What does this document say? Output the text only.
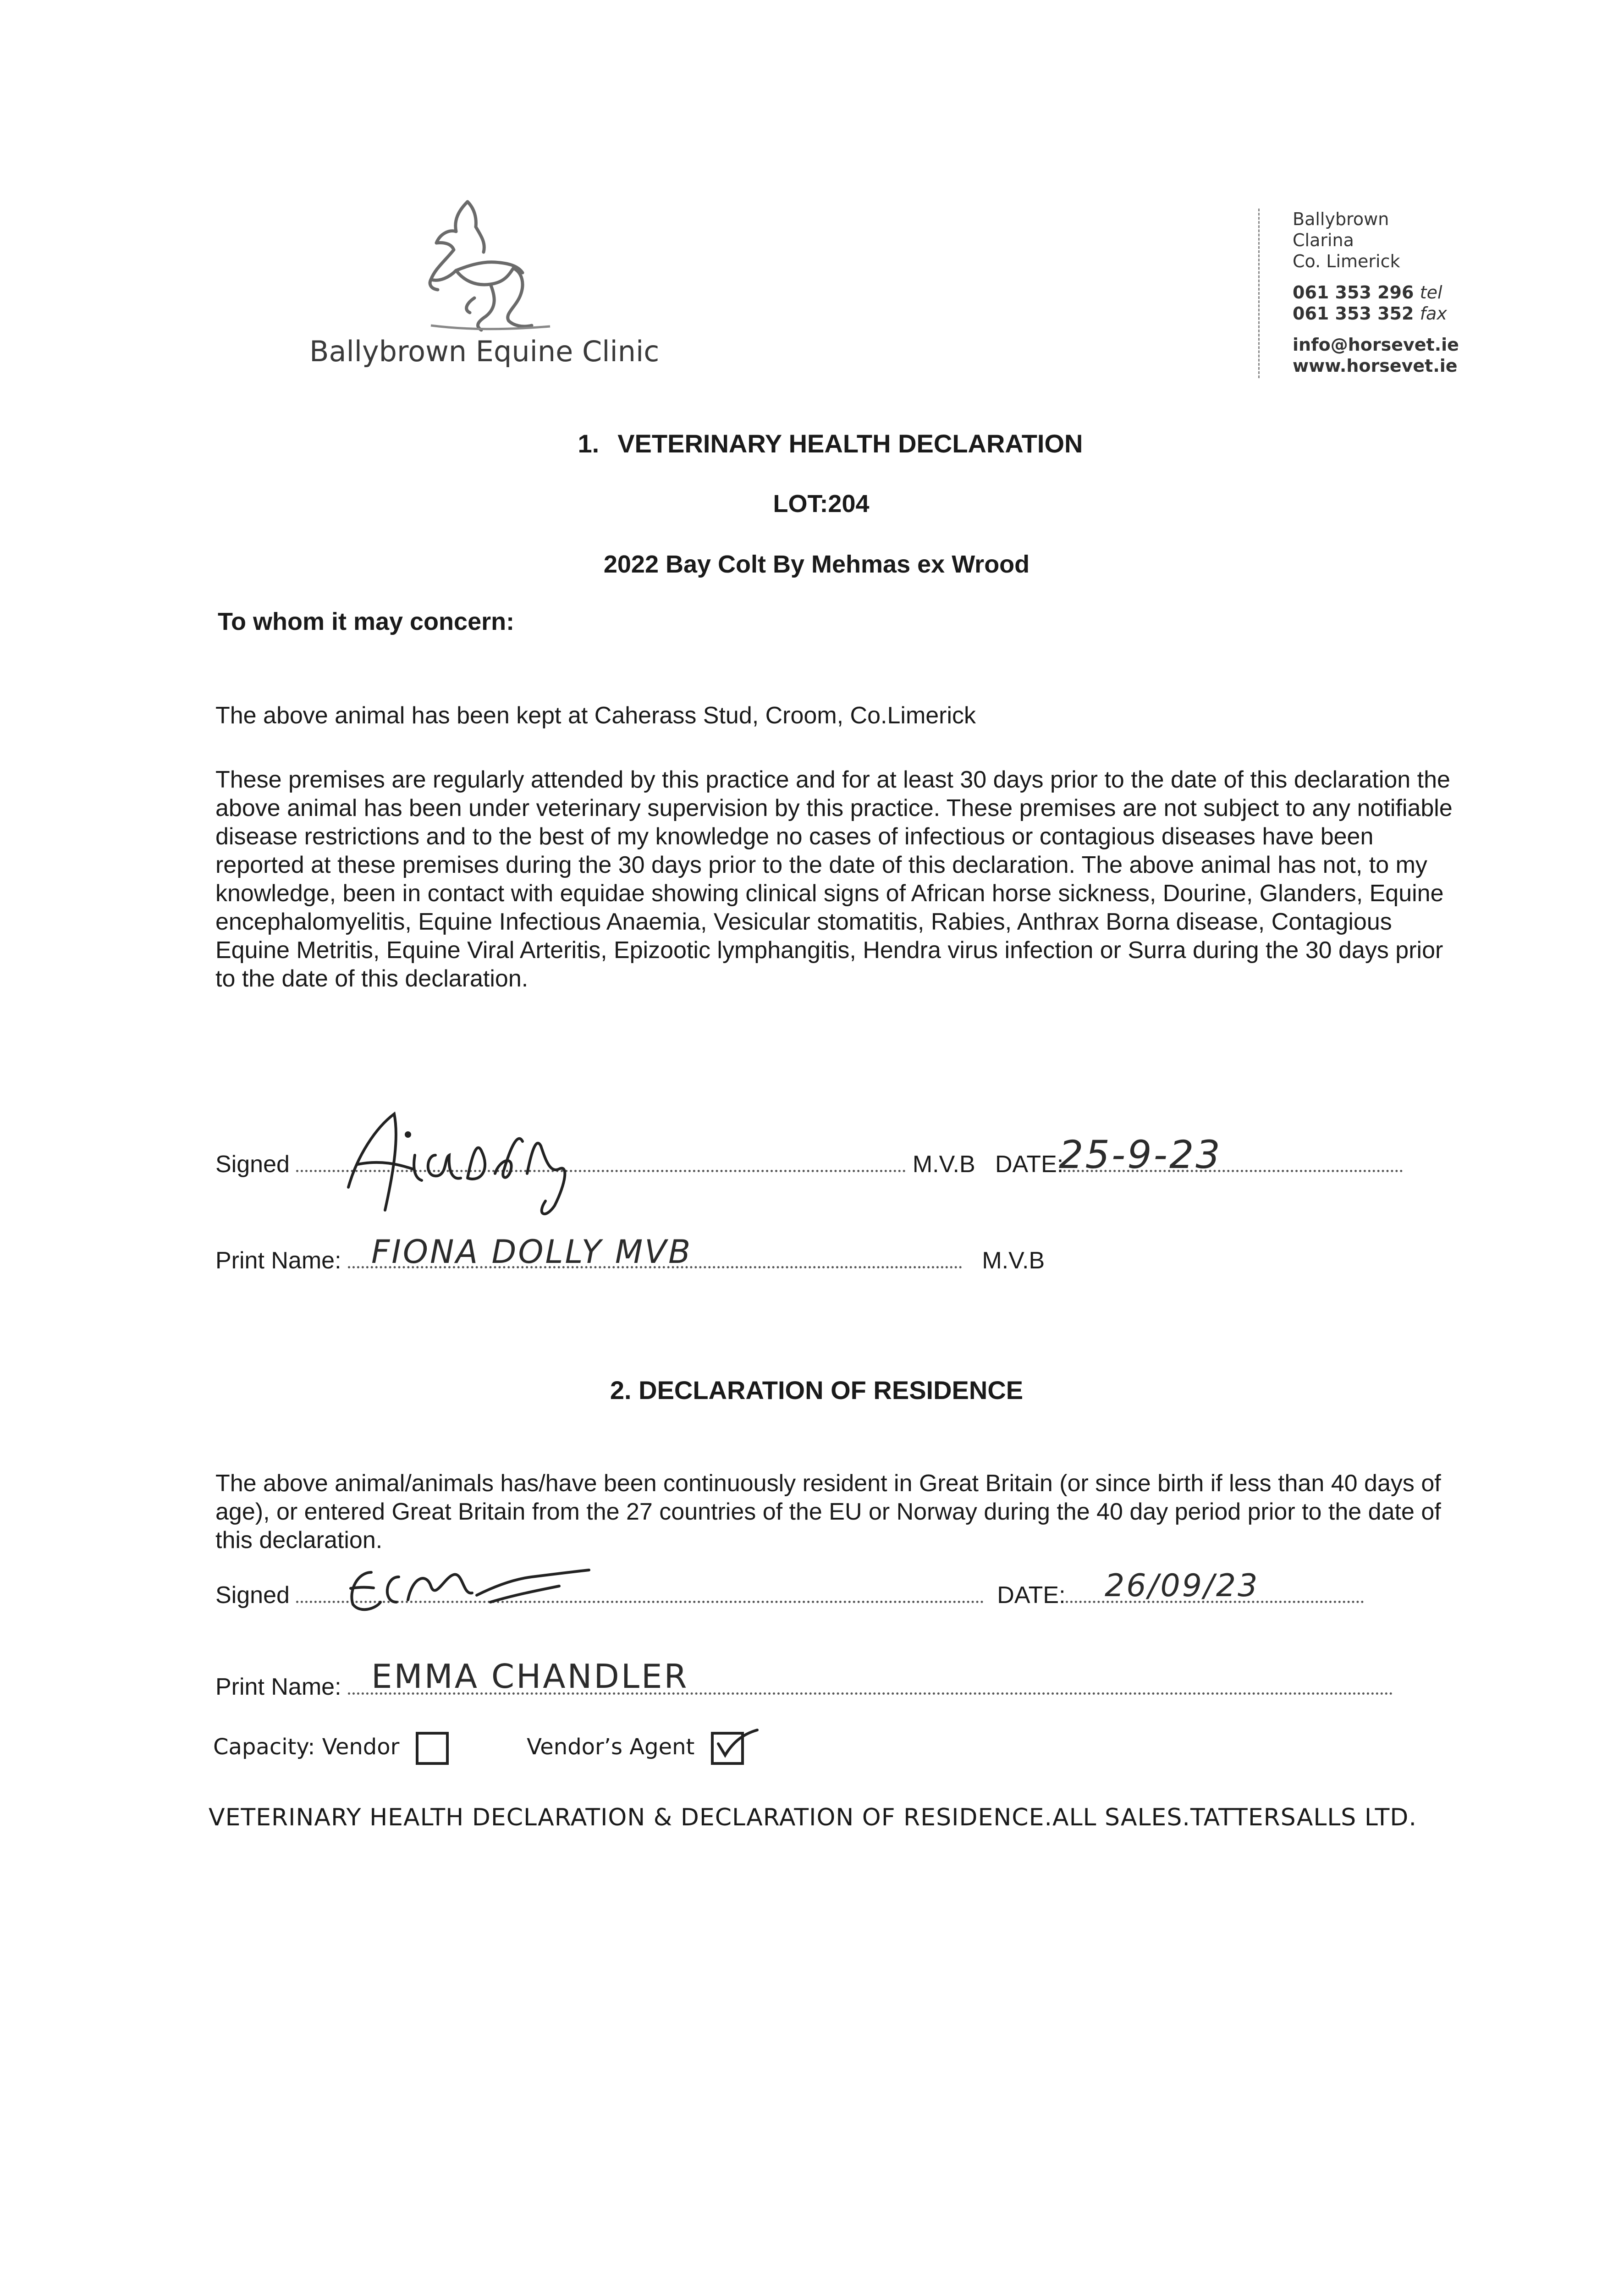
Ballybrown Equine Clinic
Ballybrown
Clarina
Co. Limerick
061 353 296 tel
061 353 352 fax
info@horsevet.ie
www.horsevet.ie
1. VETERINARY HEALTH DECLARATION
LOT:204
2022 Bay Colt By Mehmas ex Wrood
To whom it may concern:
The above animal has been kept at Caherass Stud, Croom, Co.Limerick
These premises are regularly attended by this practice and for at least 30 days prior to the date of this declaration the above animal has been under veterinary supervision by this practice. These premises are not subject to any notifiable disease restrictions and to the best of my knowledge no cases of infectious or contagious diseases have been reported at these premises during the 30 days prior to the date of this declaration. The above animal has not, to my knowledge, been in contact with equidae showing clinical signs of African horse sickness, Dourine, Glanders, Equine encephalomyelitis, Equine Infectious Anaemia, Vesicular stomatitis, Rabies, Anthrax Borna disease, Contagious Equine Metritis, Equine Viral Arteritis, Epizootic lymphangitis, Hendra virus infection or Surra during the 30 days prior to the date of this declaration.
Signed	M.V.B DATE:
25-9-23
Print Name:	M.V.B
FIONA DOLLY MVB
2. DECLARATION OF RESIDENCE
The above animal/animals has/have been continuously resident in Great Britain (or since birth if less than 40 days of age), or entered Great Britain from the 27 countries of the EU or Norway during the 40 day period prior to the date of this declaration.
Signed	DATE:	26/09/23
Print Name: EMMA CHANDLER
Capacity: Vendor	Vendor’s Agent
VETERINARY HEALTH DECLARATION & DECLARATION OF RESIDENCE.ALL SALES.TATTERSALLS LTD.
